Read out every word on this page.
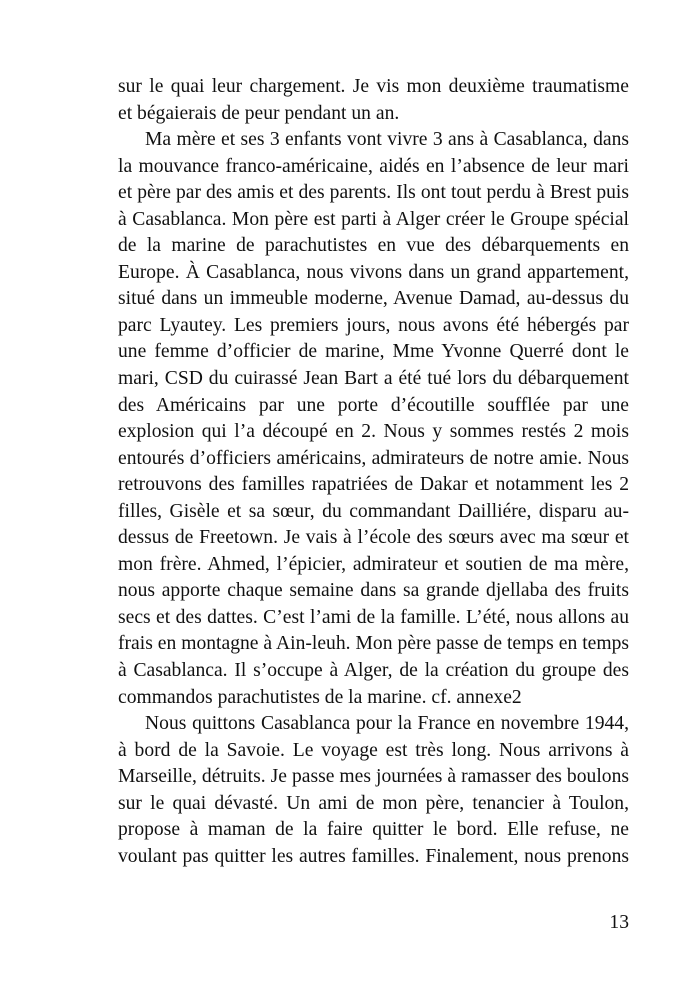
sur le quai leur chargement. Je vis mon deuxième traumatisme
et bégaierais de peur pendant un an.
Ma mère et ses 3 enfants vont vivre 3 ans à Casablanca, dans
la mouvance franco-américaine, aidés en l’absence de leur mari
et père par des amis et des parents. Ils ont tout perdu à Brest puis
à Casablanca. Mon père est parti à Alger créer le Groupe spécial
de la marine de parachutistes en vue des débarquements en
Europe. À Casablanca, nous vivons dans un grand appartement,
situé dans un immeuble moderne, Avenue Damad, au-dessus du
parc Lyautey. Les premiers jours, nous avons été hébergés par
une femme d’officier de marine, Mme Yvonne Querré dont le
mari, CSD du cuirassé Jean Bart a été tué lors du débarquement
des Américains par une porte d’écoutille soufflée par une
explosion qui l’a découpé en 2. Nous y sommes restés 2 mois
entourés d’officiers américains, admirateurs de notre amie. Nous
retrouvons des familles rapatriées de Dakar et notamment les 2
filles, Gisèle et sa sœur, du commandant Dailliére, disparu au-
dessus de Freetown. Je vais à l’école des sœurs avec ma sœur et
mon frère. Ahmed, l’épicier, admirateur et soutien de ma mère,
nous apporte chaque semaine dans sa grande djellaba des fruits
secs et des dattes. C’est l’ami de la famille. L’été, nous allons au
frais en montagne à Ain-leuh. Mon père passe de temps en temps
à Casablanca. Il s’occupe à Alger, de la création du groupe des
commandos parachutistes de la marine. cf. annexe2
Nous quittons Casablanca pour la France en novembre 1944,
à bord de la Savoie. Le voyage est très long. Nous arrivons à
Marseille, détruits. Je passe mes journées à ramasser des boulons
sur le quai dévasté. Un ami de mon père, tenancier à Toulon,
propose à maman de la faire quitter le bord. Elle refuse, ne
voulant pas quitter les autres familles. Finalement, nous prenons
13
